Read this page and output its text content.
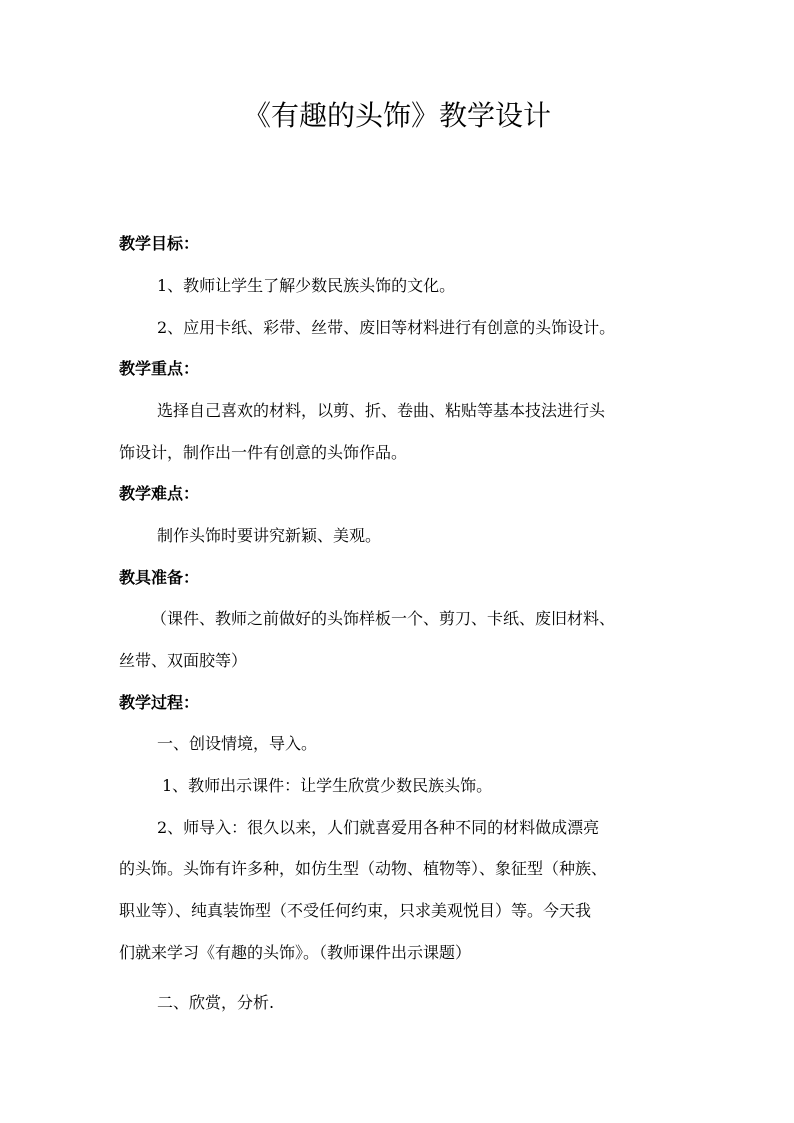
《有趣的头饰》教学设计
教学目标：
1、教师让学生了解少数民族头饰的文化。
2、应用卡纸、彩带、丝带、废旧等材料进行有创意的头饰设计。
教学重点：
选择自己喜欢的材料，以剪、折、卷曲、粘贴等基本技法进行头
饰设计，制作出一件有创意的头饰作品。
教学难点：
制作头饰时要讲究新颖、美观。
教具准备：
（课件、教师之前做好的头饰样板一个、剪刀、卡纸、废旧材料、
丝带、双面胶等）
教学过程：
一、创设情境，导入。
1、教师出示课件：让学生欣赏少数民族头饰。
2、师导入：很久以来，人们就喜爱用各种不同的材料做成漂亮
的头饰。头饰有许多种，如仿生型（动物、植物等）、象征型（种族、
职业等）、纯真装饰型（不受任何约束，只求美观悦目）等。今天我
们就来学习《有趣的头饰》。（教师课件出示课题）
二、欣赏，分析.
